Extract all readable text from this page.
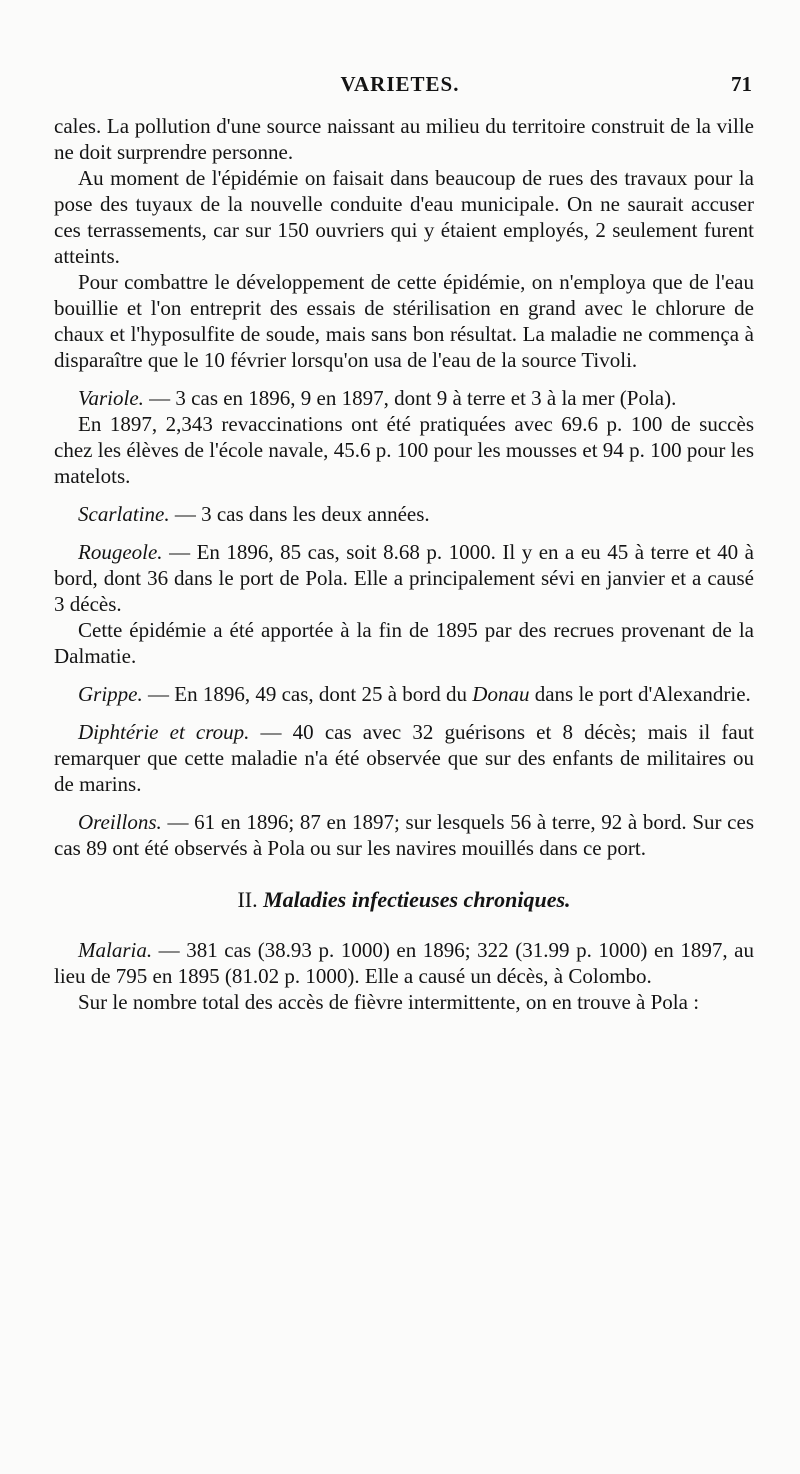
VARIETES.	71

cales. La pollution d'une source naissant au milieu du territoire construit de la ville ne doit surprendre personne.

Au moment de l'épidémie on faisait dans beaucoup de rues des travaux pour la pose des tuyaux de la nouvelle conduite d'eau municipale. On ne saurait accuser ces terrassements, car sur 150 ouvriers qui y étaient employés, 2 seulement furent atteints.

Pour combattre le développement de cette épidémie, on n'employa que de l'eau bouillie et l'on entreprit des essais de stérilisation en grand avec le chlorure de chaux et l'hyposulfite de soude, mais sans bon résultat. La maladie ne commença à disparaître que le 10 février lorsqu'on usa de l'eau de la source Tivoli.

Variole. — 3 cas en 1896, 9 en 1897, dont 9 à terre et 3 à la mer (Pola).

En 1897, 2,343 revaccinations ont été pratiquées avec 69.6 p. 100 de succès chez les élèves de l'école navale, 45.6 p. 100 pour les mousses et 94 p. 100 pour les matelots.

Scarlatine. — 3 cas dans les deux années.

Rougeole. — En 1896, 85 cas, soit 8.68 p. 1000. Il y en a eu 45 à terre et 40 à bord, dont 36 dans le port de Pola. Elle a principalement sévi en janvier et a causé 3 décès.

Cette épidémie a été apportée à la fin de 1895 par des recrues provenant de la Dalmatie.

Grippe. — En 1896, 49 cas, dont 25 à bord du Donau dans le port d'Alexandrie.

Diphtérie et croup. — 40 cas avec 32 guérisons et 8 décès; mais il faut remarquer que cette maladie n'a été observée que sur des enfants de militaires ou de marins.

Oreillons. — 61 en 1896; 87 en 1897; sur lesquels 56 à terre, 92 à bord. Sur ces cas 89 ont été observés à Pola ou sur les navires mouillés dans ce port.

II. Maladies infectieuses chroniques.

Malaria. — 381 cas (38.93 p. 1000) en 1896; 322 (31.99 p. 1000) en 1897, au lieu de 795 en 1895 (81.02 p. 1000). Elle a causé un décès, à Colombo.

Sur le nombre total des accès de fièvre intermittente, on en trouve à Pola :
